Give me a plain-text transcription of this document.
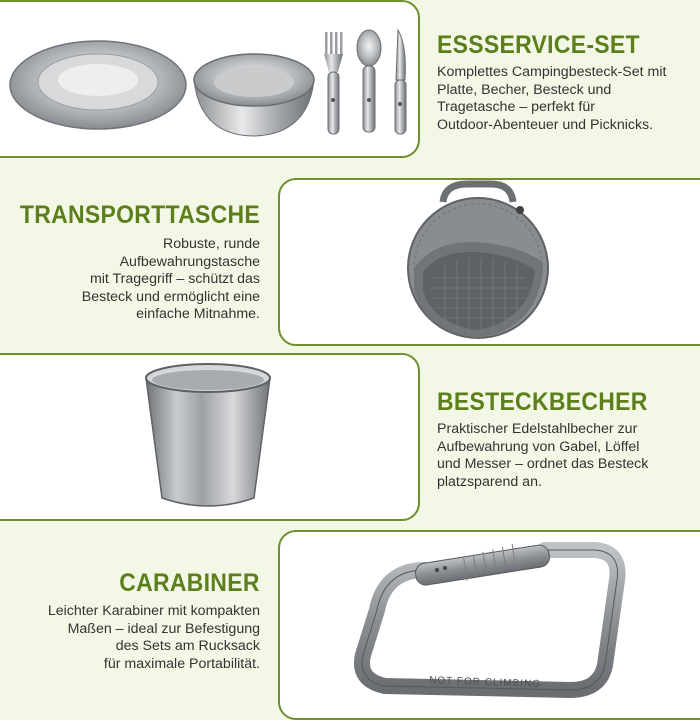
ESSSERVICE-SET

Komplettes Campingbesteck-Set mit
Platte, Becher, Besteck und
Tragetasche – perfekt für
Outdoor-Abenteuer und Picknicks.

TRANSPORTTASCHE

Robuste, runde
Aufbewahrungstasche
mit Tragegriff – schützt das
Besteck und ermöglicht eine
einfache Mitnahme.

BESTECKBECHER

Praktischer Edelstahlbecher zur
Aufbewahrung von Gabel, Löffel
und Messer – ordnet das Besteck
platzsparend an.

NOT FOR CLIMBING
CARABINER

Leichter Karabiner mit kompakten
Maßen – ideal zur Befestigung
des Sets am Rucksack
für maximale Portabilität.
